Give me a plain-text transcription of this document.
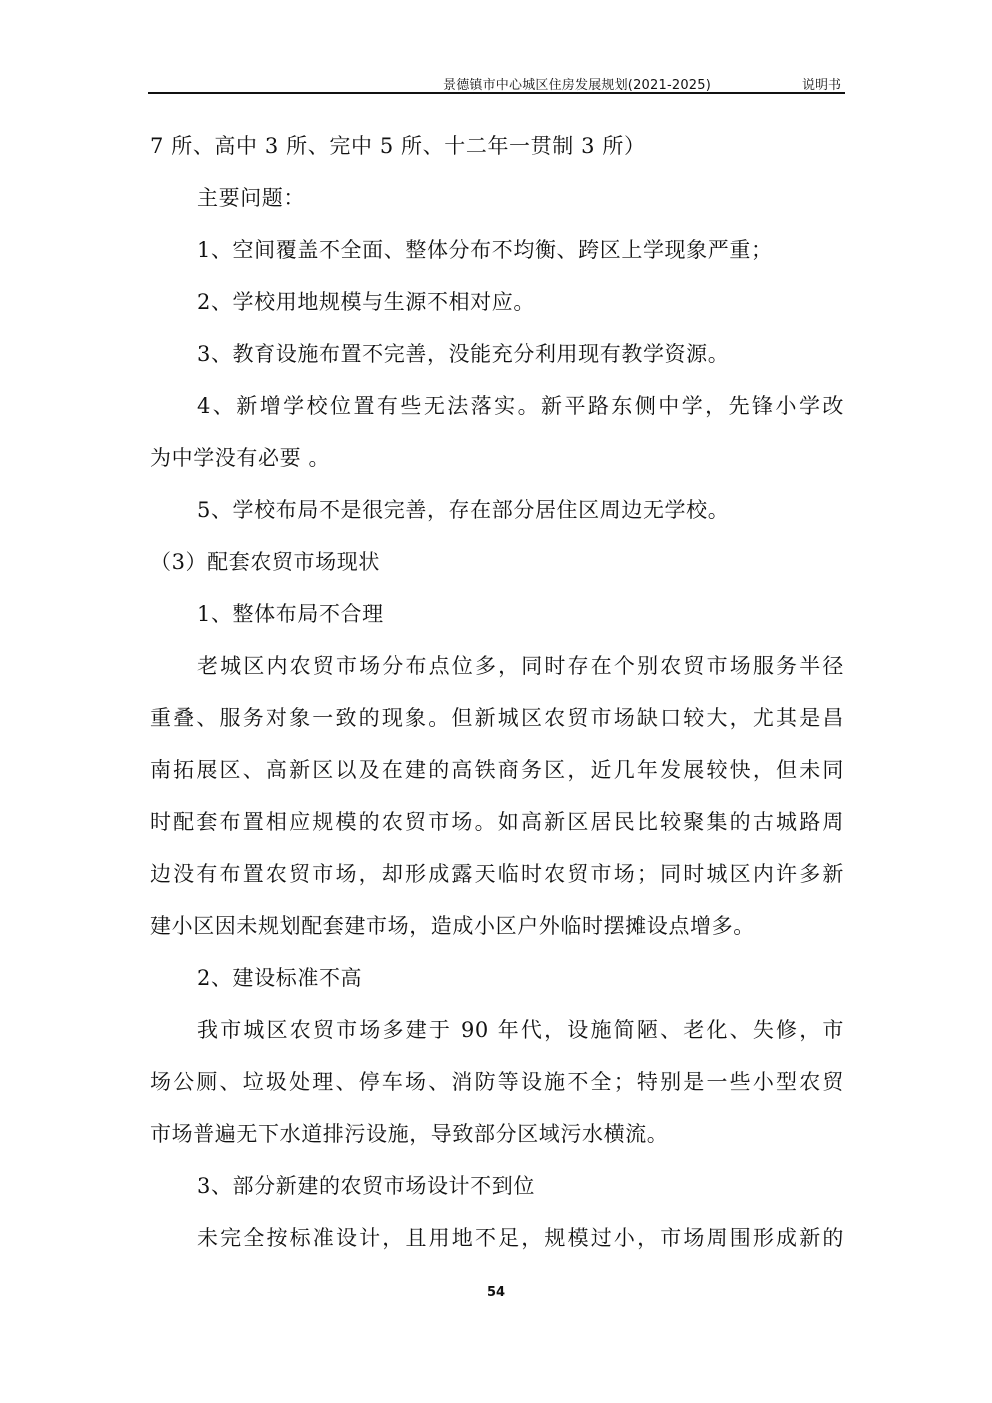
景德镇市中心城区住房发展规划(2021-2025)	说明书
7 所、高中 3 所、完中 5 所、十二年一贯制 3 所）
主要问题：
1、空间覆盖不全面、整体分布不均衡、跨区上学现象严重；
2、学校用地规模与生源不相对应。
3、教育设施布置不完善，没能充分利用现有教学资源。
4、新增学校位置有些无法落实。新平路东侧中学，先锋小学改
为中学没有必要 。
5、学校布局不是很完善，存在部分居住区周边无学校。
（3）配套农贸市场现状
1、整体布局不合理
老城区内农贸市场分布点位多，同时存在个别农贸市场服务半径
重叠、服务对象一致的现象。但新城区农贸市场缺口较大，尤其是昌
南拓展区、高新区以及在建的高铁商务区，近几年发展较快，但未同
时配套布置相应规模的农贸市场。如高新区居民比较聚集的古城路周
边没有布置农贸市场，却形成露天临时农贸市场；同时城区内许多新
建小区因未规划配套建市场，造成小区户外临时摆摊设点增多。
2、建设标准不高
我市城区农贸市场多建于 90 年代，设施简陋、老化、失修，市
场公厕、垃圾处理、停车场、消防等设施不全；特别是一些小型农贸
市场普遍无下水道排污设施，导致部分区域污水横流。
3、部分新建的农贸市场设计不到位
未完全按标准设计，且用地不足，规模过小，市场周围形成新的
54
